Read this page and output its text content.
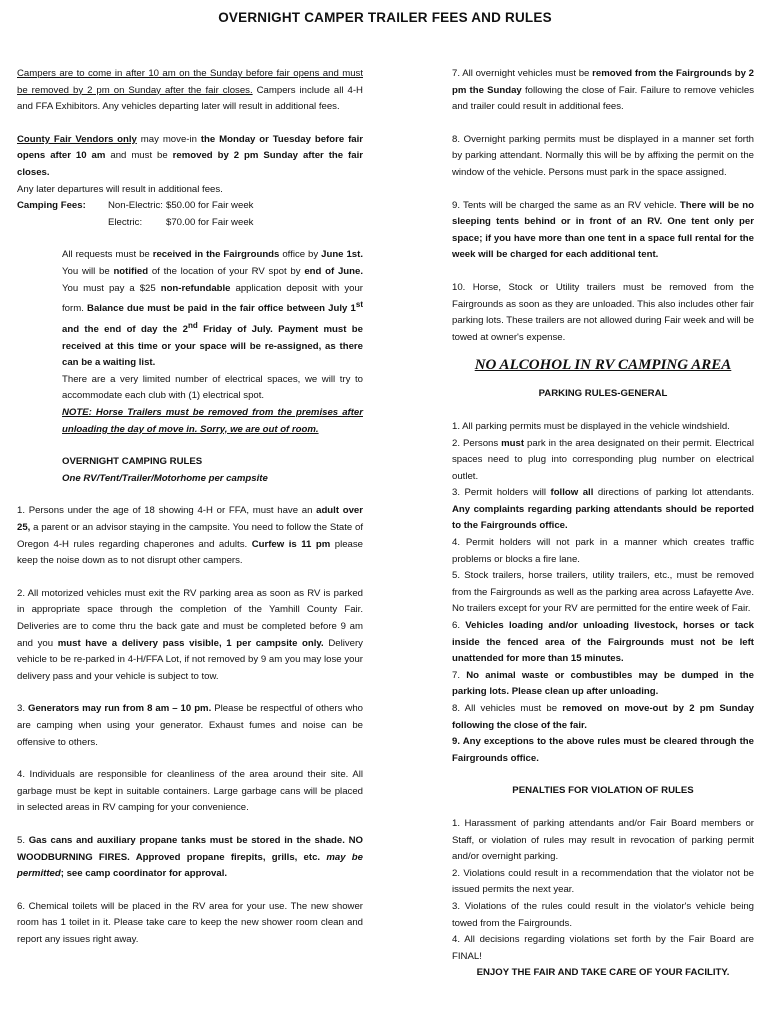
OVERNIGHT CAMPER TRAILER FEES AND RULES

Campers are to come in after 10 am on the Sunday before fair opens and must be removed by 2 pm on Sunday after the fair closes. Campers include all 4-H and FFA Exhibitors. Any vehicles departing later will result in additional fees.

County Fair Vendors only may move-in the Monday or Tuesday before fair opens after 10 am and must be removed by 2 pm Sunday after the fair closes.

Any later departures will result in additional fees.

Camping Fees:	Non-Electric: $50.00 for Fair week
Electric:	$70.00 for Fair week

All requests must be received in the Fairgrounds office by June 1st. You will be notified of the location of your RV spot by end of June. You must pay a $25 non-refundable application deposit with your form. Balance due must be paid in the fair office between July 1st and the end of day the 2nd Friday of July. Payment must be received at this time or your space will be re-assigned, as there can be a waiting list.

There are a very limited number of electrical spaces, we will try to accommodate each club with (1) electrical spot.

NOTE: Horse Trailers must be removed from the premises after unloading the day of move in. Sorry, we are out of room.

OVERNIGHT CAMPING RULES

One RV/Tent/Trailer/Motorhome per campsite

1. Persons under the age of 18 showing 4-H or FFA, must have an adult over 25, a parent or an advisor staying in the campsite. You need to follow the State of Oregon 4-H rules regarding chaperones and adults. Curfew is 11 pm please keep the noise down as to not disrupt other campers.

2. All motorized vehicles must exit the RV parking area as soon as RV is parked in appropriate space through the completion of the Yamhill County Fair. Deliveries are to come thru the back gate and must be completed before 9 am and you must have a delivery pass visible, 1 per campsite only. Delivery vehicle to be re-parked in 4-H/FFA Lot, if not removed by 9 am you may lose your delivery pass and your vehicle is subject to tow.

3. Generators may run from 8 am – 10 pm. Please be respectful of others who are camping when using your generator. Exhaust fumes and noise can be offensive to others.

4. Individuals are responsible for cleanliness of the area around their site. All garbage must be kept in suitable containers. Large garbage cans will be placed in selected areas in RV camping for your convenience.

5. Gas cans and auxiliary propane tanks must be stored in the shade. NO WOODBURNING FIRES. Approved propane firepits, grills, etc. may be permitted; see camp coordinator for approval.

6. Chemical toilets will be placed in the RV area for your use. The new shower room has 1 toilet in it. Please take care to keep the new shower room clean and report any issues right away.

7. All overnight vehicles must be removed from the Fairgrounds by 2 pm the Sunday following the close of Fair. Failure to remove vehicles and trailer could result in additional fees.

8. Overnight parking permits must be displayed in a manner set forth by parking attendant. Normally this will be by affixing the permit on the window of the vehicle. Persons must park in the space assigned.

9. Tents will be charged the same as an RV vehicle. There will be no sleeping tents behind or in front of an RV. One tent only per space; if you have more than one tent in a space full rental for the week will be charged for each additional tent.

10. Horse, Stock or Utility trailers must be removed from the Fairgrounds as soon as they are unloaded. This also includes other fair parking lots. These trailers are not allowed during Fair week and will be towed at owner's expense.

NO ALCOHOL IN RV CAMPING AREA

PARKING RULES-GENERAL

1. All parking permits must be displayed in the vehicle windshield.

2. Persons must park in the area designated on their permit. Electrical spaces need to plug into corresponding plug number on electrical outlet.

3. Permit holders will follow all directions of parking lot attendants. Any complaints regarding parking attendants should be reported to the Fairgrounds office.

4. Permit holders will not park in a manner which creates traffic problems or blocks a fire lane.

5. Stock trailers, horse trailers, utility trailers, etc., must be removed from the Fairgrounds as well as the parking area across Lafayette Ave. No trailers except for your RV are permitted for the entire week of Fair.

6. Vehicles loading and/or unloading livestock, horses or tack inside the fenced area of the Fairgrounds must not be left unattended for more than 15 minutes.

7. No animal waste or combustibles may be dumped in the parking lots. Please clean up after unloading.

8. All vehicles must be removed on move-out by 2 pm Sunday following the close of the fair.

9. Any exceptions to the above rules must be cleared through the Fairgrounds office.

PENALTIES FOR VIOLATION OF RULES

1. Harassment of parking attendants and/or Fair Board members or Staff, or violation of rules may result in revocation of parking permit and/or overnight parking.

2. Violations could result in a recommendation that the violator not be issued permits the next year.

3. Violations of the rules could result in the violator's vehicle being towed from the Fairgrounds.

4. All decisions regarding violations set forth by the Fair Board are FINAL!

ENJOY THE FAIR AND TAKE CARE OF YOUR FACILITY.
